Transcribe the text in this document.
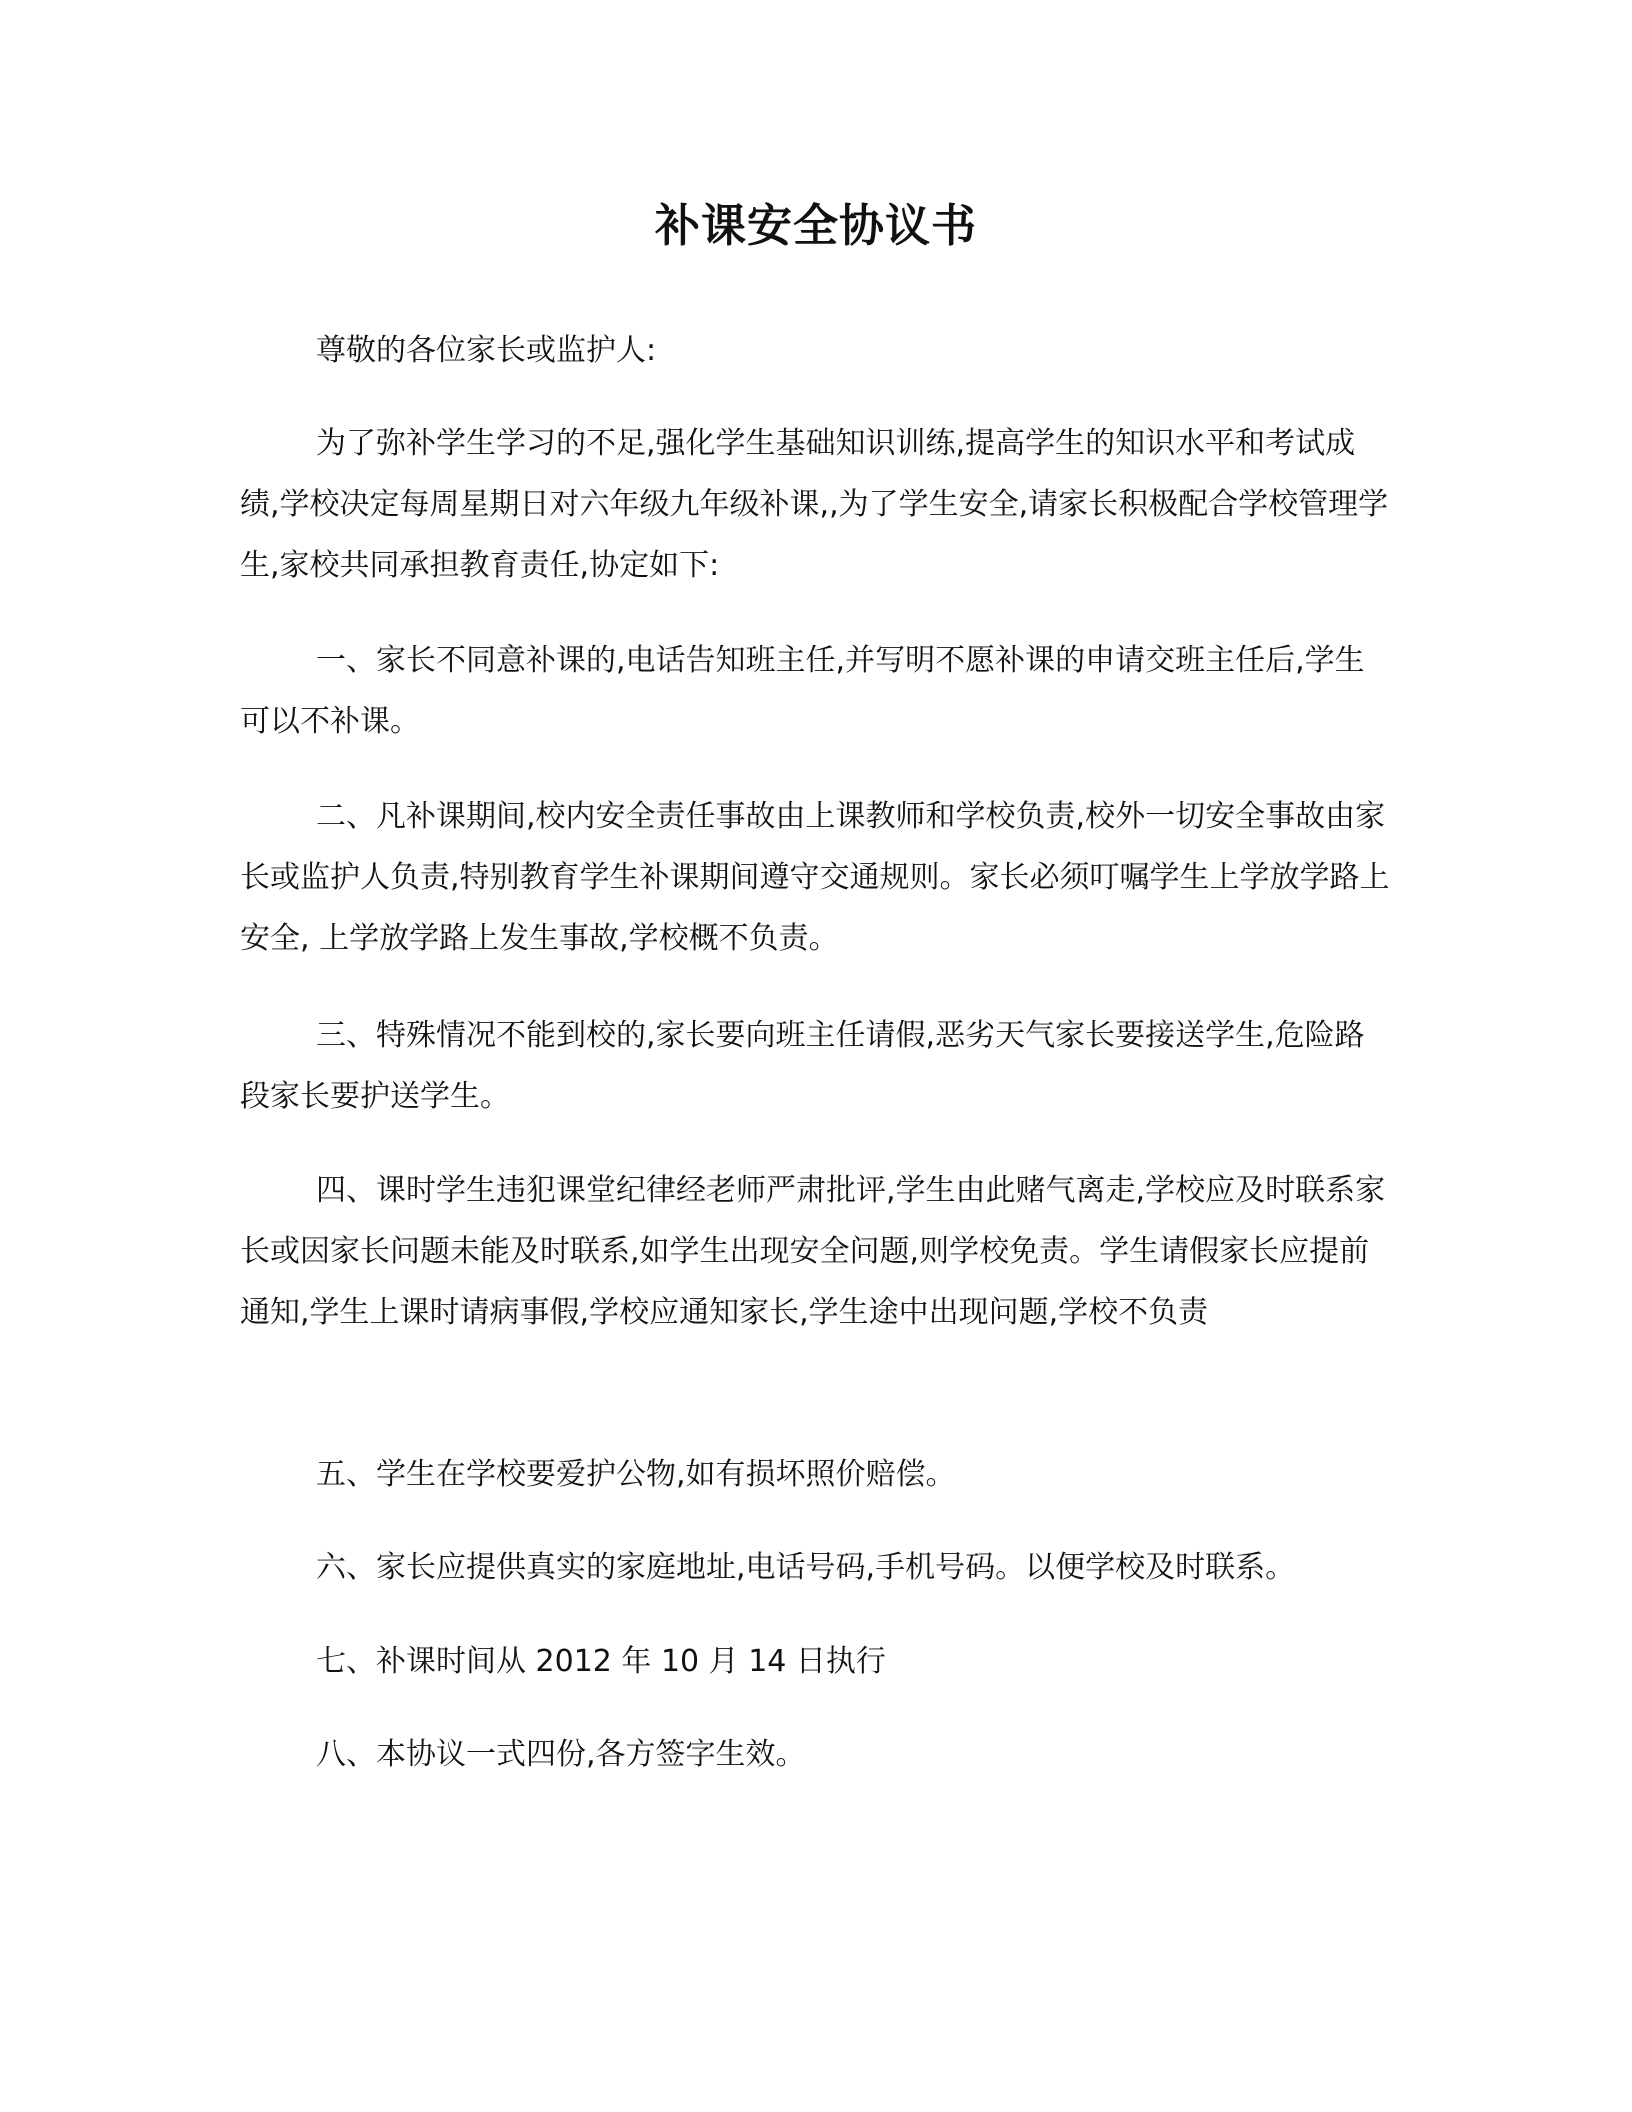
补课安全协议书

尊敬的各位家长或监护人:

为了弥补学生学习的不足,强化学生基础知识训练,提高学生的知识水平和考试成绩,学校决定每周星期日对六年级九年级补课,,为了学生安全,请家长积极配合学校管理学生,家校共同承担教育责任,协定如下:

一、家长不同意补课的,电话告知班主任,并写明不愿补课的申请交班主任后,学生可以不补课。

二、凡补课期间,校内安全责任事故由上课教师和学校负责,校外一切安全事故由家长或监护人负责,特别教育学生补课期间遵守交通规则。家长必须叮嘱学生上学放学路上安全, 上学放学路上发生事故,学校概不负责。

三、特殊情况不能到校的,家长要向班主任请假,恶劣天气家长要接送学生,危险路段家长要护送学生。

四、课时学生违犯课堂纪律经老师严肃批评,学生由此赌气离走,学校应及时联系家长或因家长问题未能及时联系,如学生出现安全问题,则学校免责。学生请假家长应提前通知,学生上课时请病事假,学校应通知家长,学生途中出现问题,学校不负责

五、学生在学校要爱护公物,如有损坏照价赔偿。

六、家长应提供真实的家庭地址,电话号码,手机号码。以便学校及时联系。

七、补课时间从 2012 年 10 月 14 日执行

八、本协议一式四份,各方签字生效。
